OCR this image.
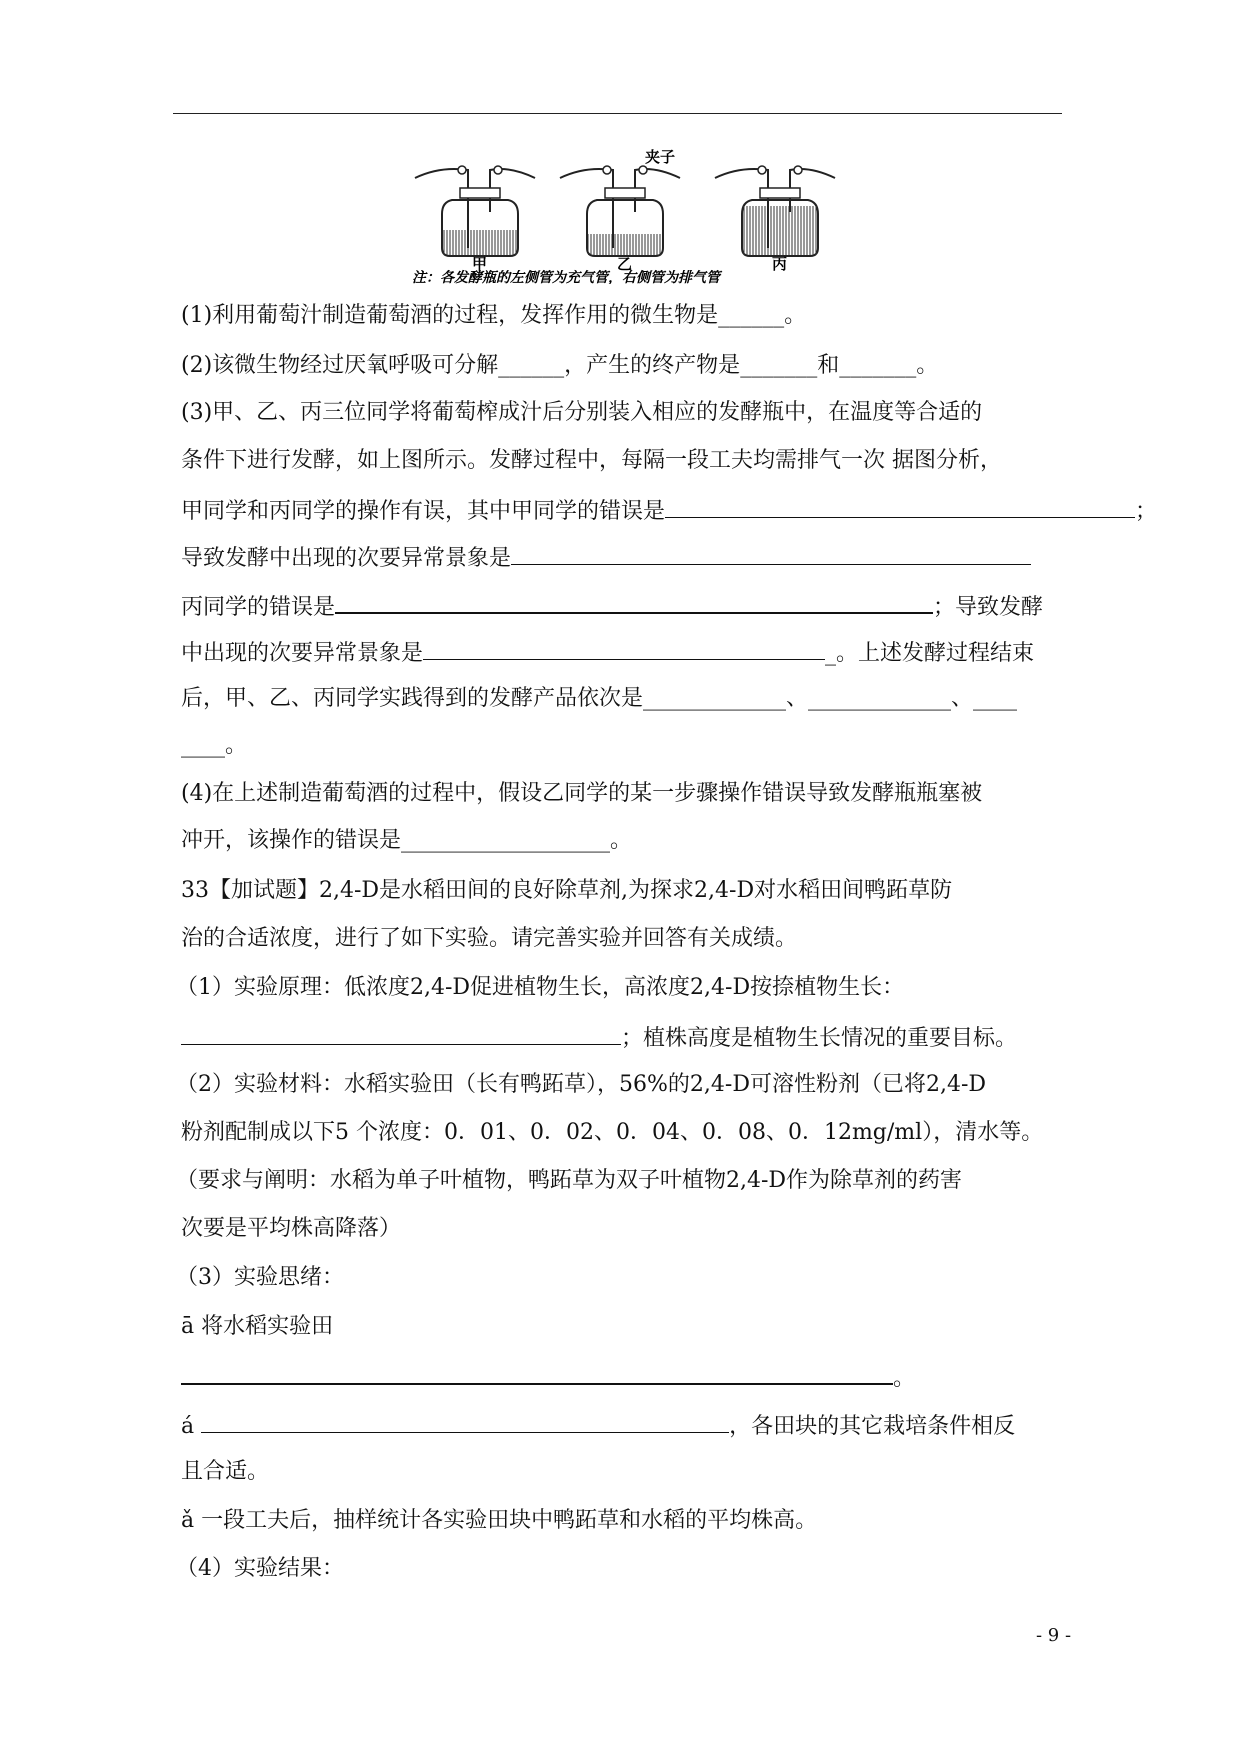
夹子
甲	乙	丙
注：各发酵瓶的左侧管为充气管，右侧管为排气管
(1)利用葡萄汁制造葡萄酒的过程，发挥作用的微生物是______。
(2)该微生物经过厌氧呼吸可分解______，产生的终产物是_______和_______。
(3)甲、乙、丙三位同学将葡萄榨成汁后分别装入相应的发酵瓶中，在温度等合适的
条件下进行发酵，如上图所示。发酵过程中，每隔一段工夫均需排气一次 据图分析，
甲同学和丙同学的操作有误，其中甲同学的错误是	；
导致发酵中出现的次要异常景象是
丙同学的错误是	；导致发酵
中出现的次要异常景象是	_。上述发酵过程结束
后，甲、乙、丙同学实践得到的发酵产品依次是_____________、_____________、____
____。
(4)在上述制造葡萄酒的过程中，假设乙同学的某一步骤操作错误导致发酵瓶瓶塞被
冲开，该操作的错误是___________________。
33【加试题】2,4-D是水稻田间的良好除草剂,为探求2,4-D对水稻田间鸭跖草防
治的合适浓度，进行了如下实验。请完善实验并回答有关成绩。
（1）实验原理：低浓度2,4-D促进植物生长，高浓度2,4-D按捺植物生长：
；植株高度是植物生长情况的重要目标。
（2）实验材料：水稻实验田（长有鸭跖草），56%的2,4-D可溶性粉剂（已将2,4-D
粉剂配制成以下5 个浓度：0．01、0．02、0．04、0．08、0．12mg/ml），清水等。
（要求与阐明：水稻为单子叶植物，鸭跖草为双子叶植物2,4-D作为除草剂的药害
次要是平均株高降落）
（3）实验思绪：
ā 将水稻实验田
。
á	，各田块的其它栽培条件相反
且合适。
ǎ 一段工夫后，抽样统计各实验田块中鸭跖草和水稻的平均株高。
（4）实验结果：
- 9 -
